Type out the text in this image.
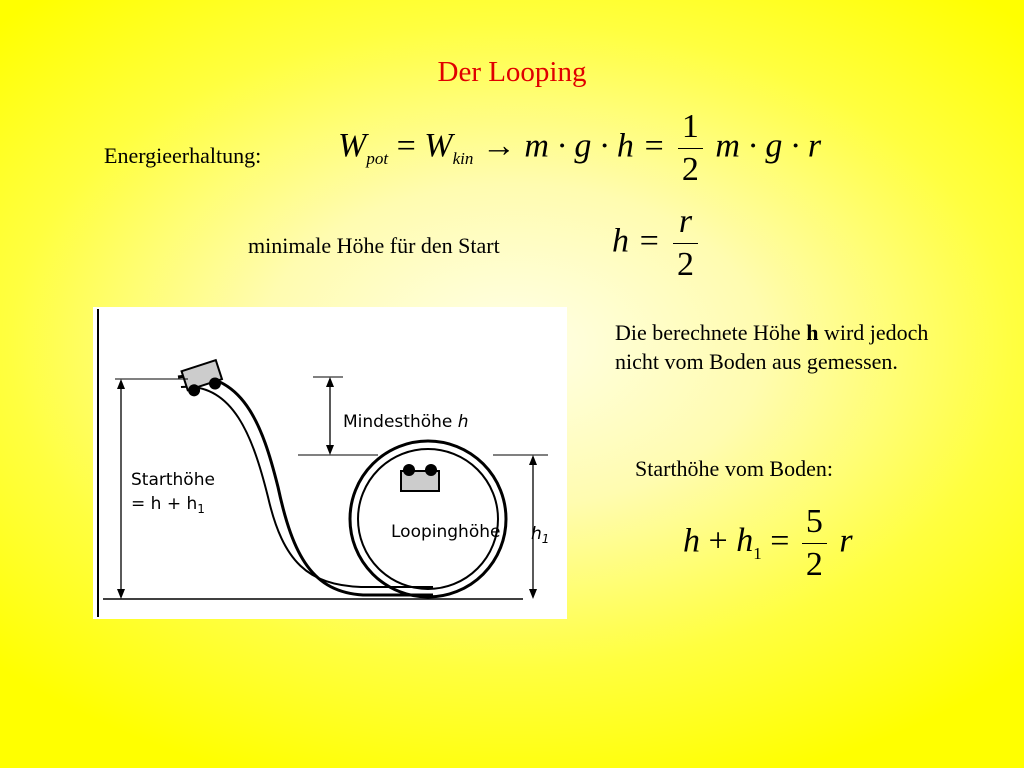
Der Looping
Energieerhaltung: $W_{pot} = W_{kin} \to m \cdot g \cdot h = \frac{1}{2}$ m · g · r
minimale Höhe für den Start	$h = \frac{r}{2}$
Die berechnete Höhe h wird jedoch nicht vom Boden aus gemessen.
Starthöhe vom Boden:
$h + h_1 = \frac{5}{2}$ r
Mindesthöhe h
Starthöhe
= $h + h_1$
Loopinghöhe $h_1$
